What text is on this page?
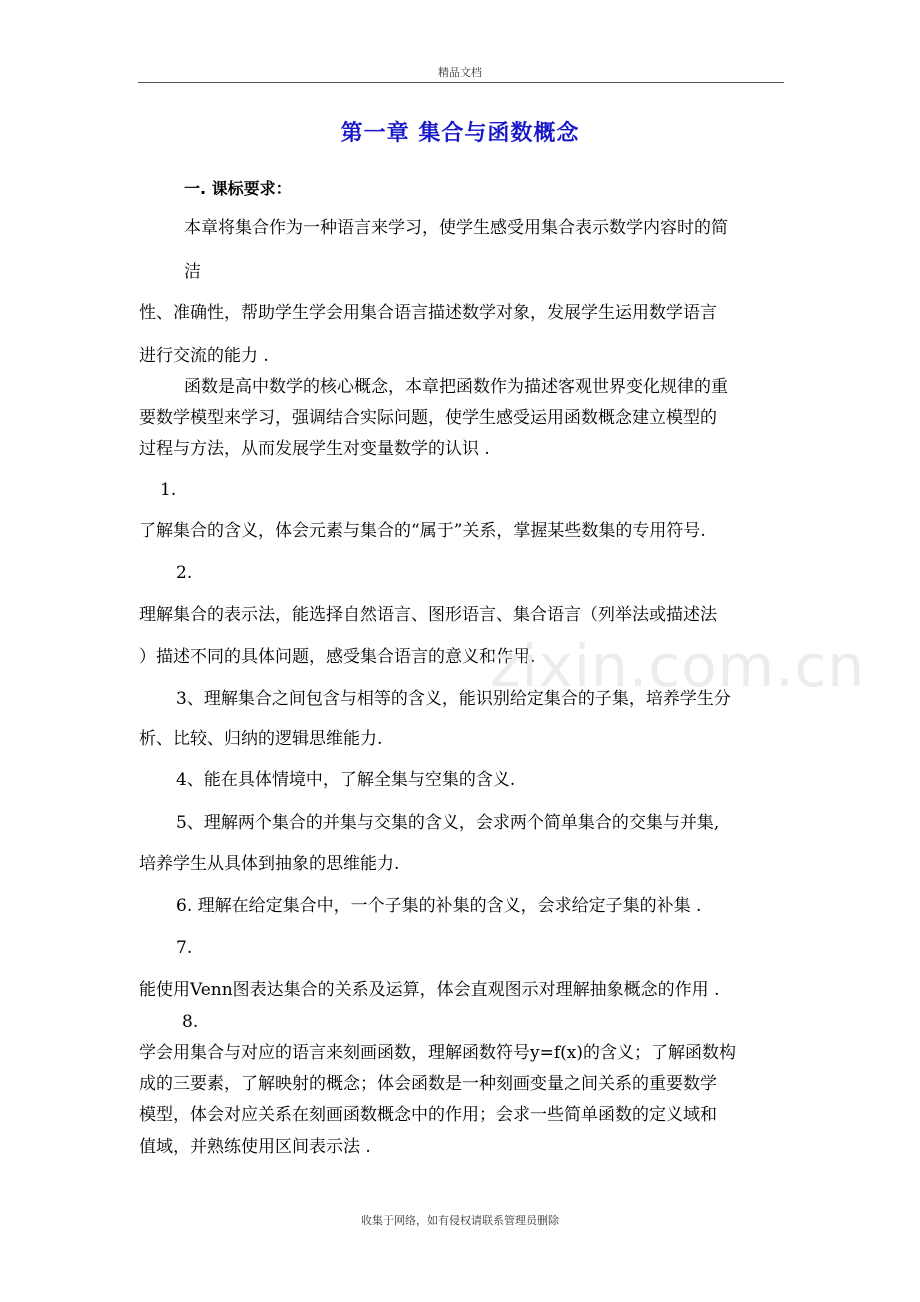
精品文档
第一章 集合与函数概念
一. 课标要求：
本章将集合作为一种语言来学习，使学生感受用集合表示数学内容时的简
洁
性、准确性，帮助学生学会用集合语言描述数学对象，发展学生运用数学语言
进行交流的能力 .
函数是高中数学的核心概念，本章把函数作为描述客观世界变化规律的重
要数学模型来学习，强调结合实际问题，使学生感受运用函数概念建立模型的
过程与方法，从而发展学生对变量数学的认识 .
1.
了解集合的含义，体会元素与集合的“属于”关系，掌握某些数集的专用符号.
2.
理解集合的表示法，能选择自然语言、图形语言、集合语言（列举法或描述法
）描述不同的具体问题，感受集合语言的意义和作用.
3、理解集合之间包含与相等的含义，能识别给定集合的子集，培养学生分
析、比较、归纳的逻辑思维能力.
4、能在具体情境中，了解全集与空集的含义.
5、理解两个集合的并集与交集的含义，会求两个简单集合的交集与并集,
培养学生从具体到抽象的思维能力.
6. 理解在给定集合中，一个子集的补集的含义，会求给定子集的补集 .
7.
能使用Venn图表达集合的关系及运算，体会直观图示对理解抽象概念的作用 .
8.
学会用集合与对应的语言来刻画函数，理解函数符号y=f(x)的含义；了解函数构
成的三要素，了解映射的概念；体会函数是一种刻画变量之间关系的重要数学
模型，体会对应关系在刻画函数概念中的作用；会求一些简单函数的定义域和
值域，并熟练使用区间表示法 .
zixin.com.cn
收集于网络，如有侵权请联系管理员删除
